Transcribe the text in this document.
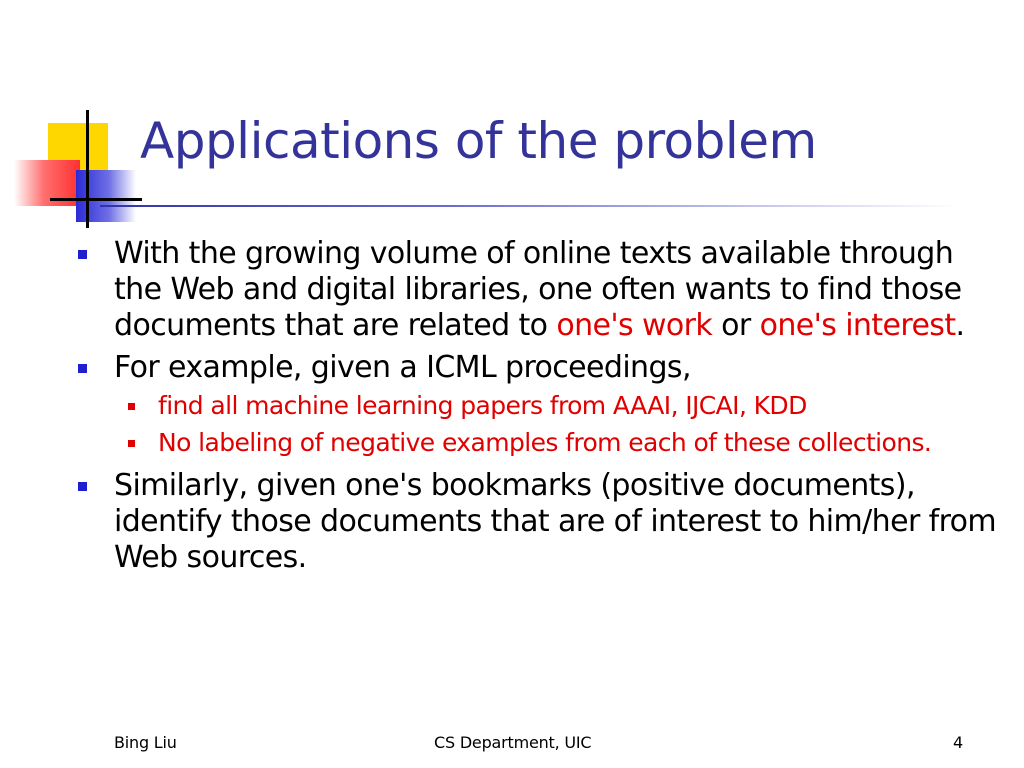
Applications of the problem
With the growing volume of online texts available through the Web and digital libraries, one often wants to find those documents that are related to one's work or one's interest.
For example, given a ICML proceedings,
find all machine learning papers from AAAI, IJCAI, KDD
No labeling of negative examples from each of these collections.
Similarly, given one's bookmarks (positive documents), identify those documents that are of interest to him/her from Web sources.
Bing Liu	CS Department, UIC	4
